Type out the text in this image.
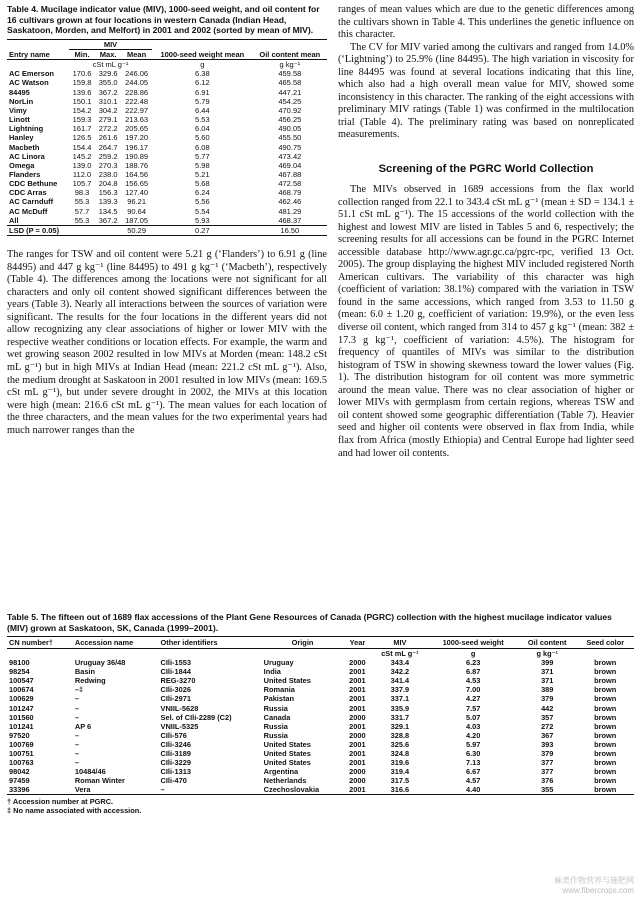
Table 4. Mucilage indicator value (MIV), 1000-seed weight, and oil content for 16 cultivars grown at four locations in western Canada (Indian Head, Saskatoon, Morden, and Melfort) in 2001 and 2002 (sorted by mean of MIV).
	MIV			1000-seed weight mean	Oil content mean
Entry name	Min.	Max.	Mean		
	cSt mL g⁻¹			g	g kg⁻¹
AC Emerson	170.6	329.6	246.06	6.38	459.58
AC Watson	159.8	355.0	244.05	6.12	465.58
84495	139.6	367.2	228.86	6.91	447.21
NorLin	150.1	310.1	222.48	5.79	454.25
Vimy	154.2	304.2	222.97	6.44	470.92
Linott	159.3	279.1	213.63	5.53	456.25
Lightning	161.7	272.2	205.65	6.04	490.05
Hanley	126.5	261.6	197.20	5.60	455.50
Macbeth	154.4	264.7	196.17	6.08	490.75
AC Linora	145.2	259.2	190.89	5.77	473.42
Omega	139.0	270.3	188.76	5.98	469.04
Flanders	112.0	238.0	164.56	5.21	467.88
CDC Bethune	105.7	204.8	156.65	5.68	472.58
CDC Arras	98.3	156.3	127.40	6.24	468.79
AC Carnduff	55.3	139.3	96.21	5.56	462.46
AC McDuff	57.7	134.5	90.64	5.54	481.29
All	55.3	367.2	187.05	5.93	468.37
LSD (P = 0.05)			50.29	0.27	16.50

The ranges for TSW and oil content were 5.21 g (‘Flanders’) to 6.91 g (line 84495) and 447 g kg⁻¹ (line 84495) to 491 g kg⁻¹ (‘Macbeth’), respectively (Table 4). The differences among the locations were not significant for all characters and only oil content showed significant differences between the years (Table 3). Nearly all interactions between the sources of variation were significant. The results for the four locations in the different years did not allow recognizing any clear associations of higher or lower MIV with the respective weather conditions or location effects. For example, the warm and wet growing season 2002 resulted in low MIVs at Morden (mean: 148.2 cSt mL g⁻¹) but in high MIVs at Indian Head (mean: 221.2 cSt mL g⁻¹). Also, the medium drought at Saskatoon in 2001 resulted in low MIVs (mean: 169.5 cSt mL g⁻¹), but under severe drought in 2002, the MIVs at this location were high (mean: 216.6 cSt mL g⁻¹). The mean values for each location of the three characters, and the mean values for the two experimental years had much narrower ranges than the

ranges of mean values which are due to the genetic differences among the cultivars shown in Table 4. This underlines the genetic influence on this character.

The CV for MIV varied among the cultivars and ranged from 14.0% (‘Lightning’) to 25.9% (line 84495). The high variation in viscosity for line 84495 was found at several locations indicating that this line, which also had a high overall mean value for MIV, showed some inconsistency in this character. The ranking of the eight accessions with preliminary MIV ratings (Table 1) was confirmed in the multilocation trial (Table 4). The preliminary rating was based on nonreplicated measurements.

Screening of the PGRC World Collection

The MIVs observed in 1689 accessions from the flax world collection ranged from 22.1 to 343.4 cSt mL g⁻¹ (mean ± SD = 134.1 ± 51.1 cSt mL g⁻¹). The 15 accessions of the world collection with the highest and lowest MIV are listed in Tables 5 and 6, respectively; the screening results for all accessions can be found in the PGRC Internet accessible database http://www.agr.gc.ca/pgrc-rpc, verified 13 Oct. 2005). The group displaying the highest MIV included registered North American cultivars. The variability of this character was high (coefficient of variation: 38.1%) compared with the variation in TSW found in the same accessions, which ranged from 3.53 to 11.50 g (mean: 6.0 ± 1.20 g, coefficient of variation: 19.9%), or the even less diverse oil content, which ranged from 314 to 457 g kg⁻¹ (mean: 382 ± 17.3 g kg⁻¹, coefficient of variation: 4.5%). The histogram for frequency of quantiles of MIVs was similar to the distribution histogram of TSW in showing skewness toward the lower values (Fig. 1). The distribution histogram for oil content was more symmetric around the mean value. There was no clear association of higher or lower MIVs with germplasm from certain regions, whereas TSW and oil content showed some geographic differentiation (Table 7). Heavier seed and higher oil contents were observed in flax from India, while flax from Africa (mostly Ethiopia) and Central Europe had lighter seed and had lower oil contents.

Table 5. The fifteen out of 1689 flax accessions of the Plant Gene Resources of Canada (PGRC) collection with the highest mucilage indicator values (MIV) grown at Saskatoon, SK, Canada (1999–2001).
CN number†	Accession name	Other identifiers	Origin	Year	MIV	1000-seed weight	Oil content	Seed color
					cSt mL g⁻¹	g	g kg⁻¹	
98100	Uruguay 36/48	CIli-1553	Uruguay	2000	343.4	6.23	399	brown
98254	Basin	CIli-1844	India	2001	342.2	6.87	371	brown
100547	Redwing	REG-3270	United States	2001	341.4	4.53	371	brown
100674	–‡	CIli-3026	Romania	2001	337.9	7.00	389	brown
100629	–	CIli-2971	Pakistan	2001	337.1	4.27	379	brown
101247	–	VNIIL-5628	Russia	2001	335.9	7.57	442	brown
101560	–	Sel. of CIli-2289 (C2)	Canada	2000	331.7	5.07	357	brown
101241	AP 6	VNIIL-5325	Russia	2001	329.1	4.03	272	brown
97520	–	CIli-576	Russia	2000	328.8	4.20	367	brown
100769	–	CIli-3246	United States	2001	325.6	5.97	393	brown
100751	–	CIli-3189	United States	2001	324.8	6.30	379	brown
100763	–	CIli-3229	United States	2001	319.6	7.13	377	brown
98042	10484/46	CIli-1313	Argentina	2000	319.4	6.67	377	brown
97459	Roman Winter	CIli-470	Netherlands	2000	317.5	4.57	376	brown
33396	Vera	–	Czechoslovakia	2001	316.6	4.40	355	brown
† Accession number at PGRC.
‡ No name associated with accession.
麻类作物营养与施肥网
www.fibercrops.com
